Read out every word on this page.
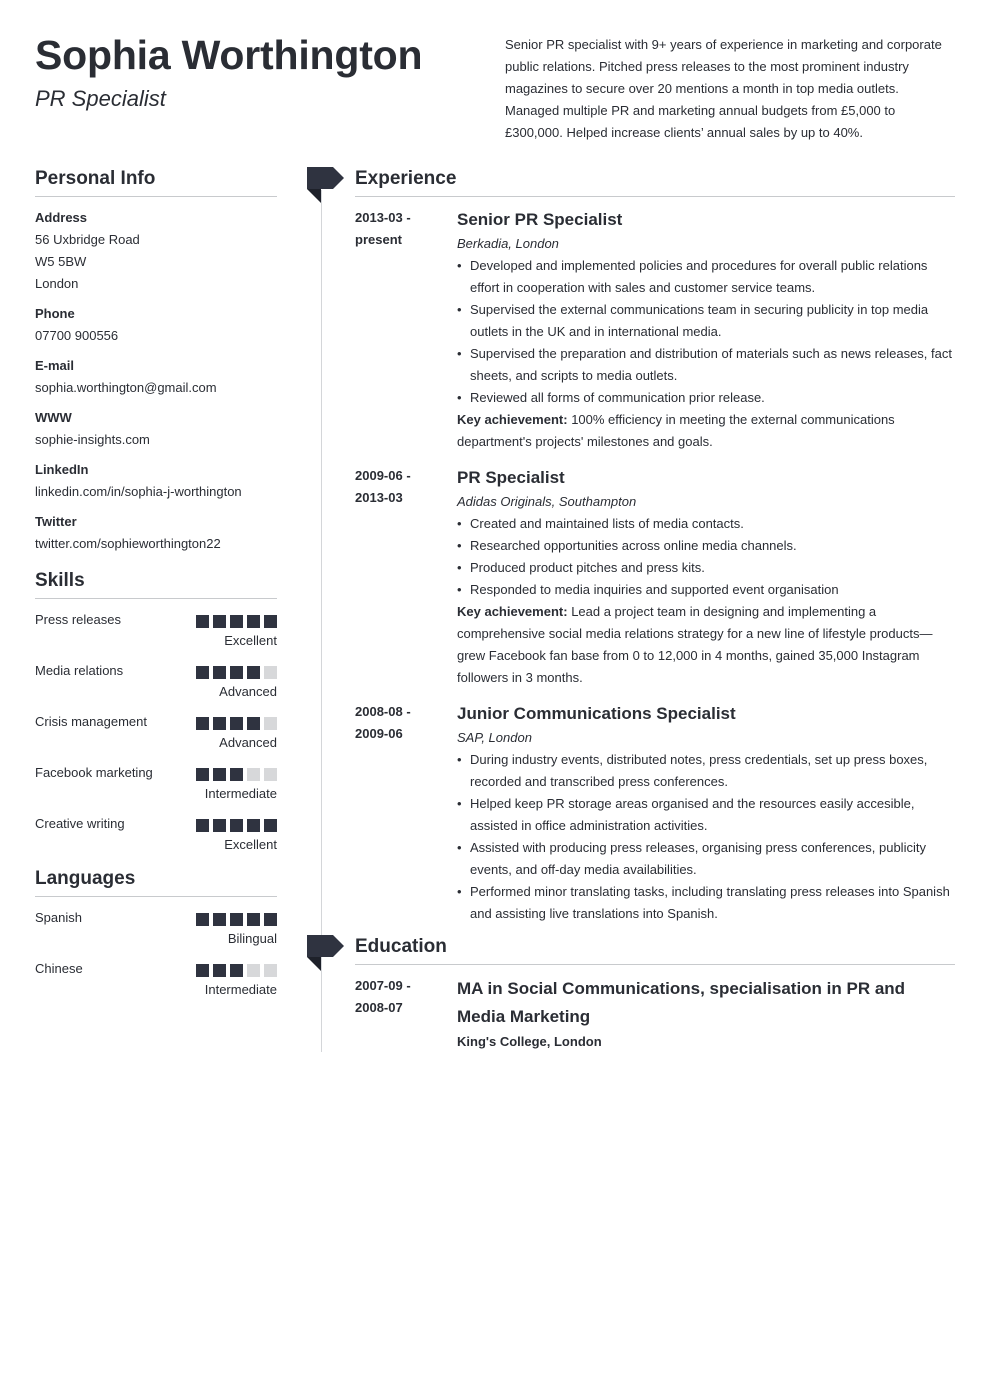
Sophia Worthington
PR Specialist
Senior PR specialist with 9+ years of experience in marketing and corporate public relations. Pitched press releases to the most prominent industry magazines to secure over 20 mentions a month in top media outlets. Managed multiple PR and marketing annual budgets from £5,000 to £300,000. Helped increase clients’ annual sales by up to 40%.
Personal Info
Address
56 Uxbridge Road
W5 5BW
London
Phone
07700 900556
E-mail
sophia.worthington@gmail.com
WWW
sophie-insights.com
LinkedIn
linkedin.com/in/sophia-j-worthington
Twitter
twitter.com/sophieworthington22
Skills
Press releases
Excellent
Media relations
Advanced
Crisis management
Advanced
Facebook marketing
Intermediate
Creative writing
Excellent
Languages
Spanish
Bilingual
Chinese
Intermediate
Experience
2013-03 -
present
Senior PR Specialist
Berkadia, London
• Developed and implemented policies and procedures for overall public relations effort in cooperation with sales and customer service teams.
• Supervised the external communications team in securing publicity in top media outlets in the UK and in international media.
• Supervised the preparation and distribution of materials such as news releases, fact sheets, and scripts to media outlets.
• Reviewed all forms of communication prior release.
Key achievement: 100% efficiency in meeting the external communications department's projects' milestones and goals.
2009-06 -
2013-03
PR Specialist
Adidas Originals, Southampton
• Created and maintained lists of media contacts.
• Researched opportunities across online media channels.
• Produced product pitches and press kits.
• Responded to media inquiries and supported event organisation
Key achievement: Lead a project team in designing and implementing a comprehensive social media relations strategy for a new line of lifestyle products—grew Facebook fan base from 0 to 12,000 in 4 months, gained 35,000 Instagram followers in 3 months.
2008-08 -
2009-06
Junior Communications Specialist
SAP, London
• During industry events, distributed notes, press credentials, set up press boxes, recorded and transcribed press conferences.
• Helped keep PR storage areas organised and the resources easily accesible, assisted in office administration activities.
• Assisted with producing press releases, organising press conferences, publicity events, and off-day media availabilities.
• Performed minor translating tasks, including translating press releases into Spanish and assisting live translations into Spanish.
Education
2007-09 -
2008-07
MA in Social Communications, specialisation in PR and Media Marketing
King's College, London
